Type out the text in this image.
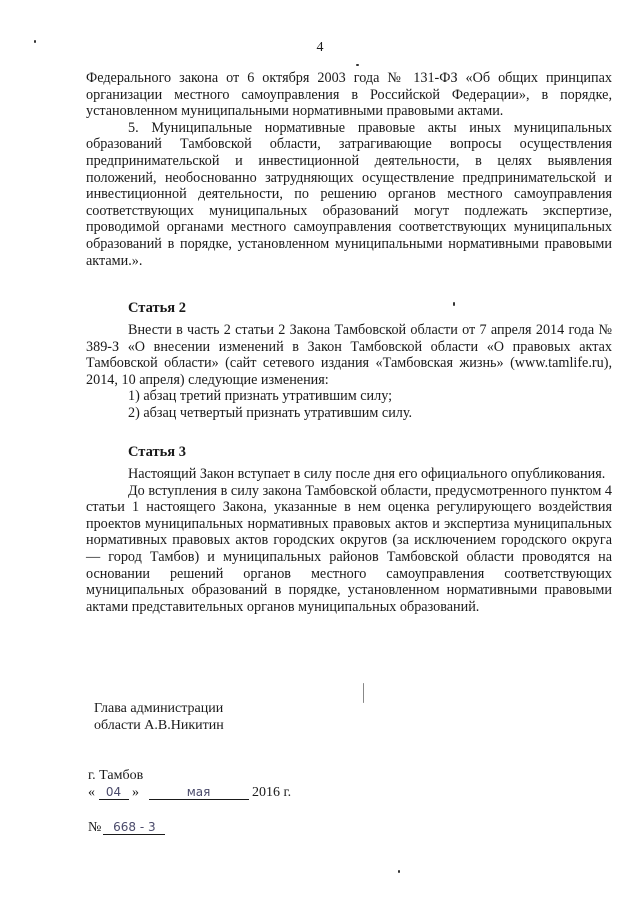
4

Федерального закона от 6 октября 2003 года № 131-ФЗ «Об общих принципах организации местного самоуправления в Российской Федерации», в порядке, установленном муниципальными нормативными правовыми актами.

5. Муниципальные нормативные правовые акты иных муниципальных образований Тамбовской области, затрагивающие вопросы осуществления предпринимательской и инвестиционной деятельности, в целях выявления положений, необоснованно затрудняющих осуществление предпринимательской и инвестиционной деятельности, по решению органов местного самоуправления соответствующих муниципальных образований могут подлежать экспертизе, проводимой органами местного самоуправления соответствующих муниципальных образований в порядке, установленном муниципальными нормативными правовыми актами.».

Статья 2

Внести в часть 2 статьи 2 Закона Тамбовской области от 7 апреля 2014 года № 389-З «О внесении изменений в Закон Тамбовской области «О правовых актах Тамбовской области» (сайт сетевого издания «Тамбовская жизнь» (www.tamlife.ru), 2014, 10 апреля) следующие изменения:

1) абзац третий признать утратившим силу;

2) абзац четвертый признать утратившим силу.

Статья 3

Настоящий Закон вступает в силу после дня его официального опубликования.

До вступления в силу закона Тамбовской области, предусмотренного пунктом 4 статьи 1 настоящего Закона, указанные в нем оценка регулирующего воздействия проектов муниципальных нормативных правовых актов и экспертиза муниципальных нормативных правовых актов городских округов (за исключением городского округа — город Тамбов) и муниципальных районов Тамбовской области проводятся на основании решений органов местного самоуправления соответствующих муниципальных образований в порядке, установленном нормативными правовыми актами представительных органов муниципальных образований.

Глава администрации
области А.В.Никитин
г. Тамбов
« 04 »	мая	2016 г.
№ 668 - 3
